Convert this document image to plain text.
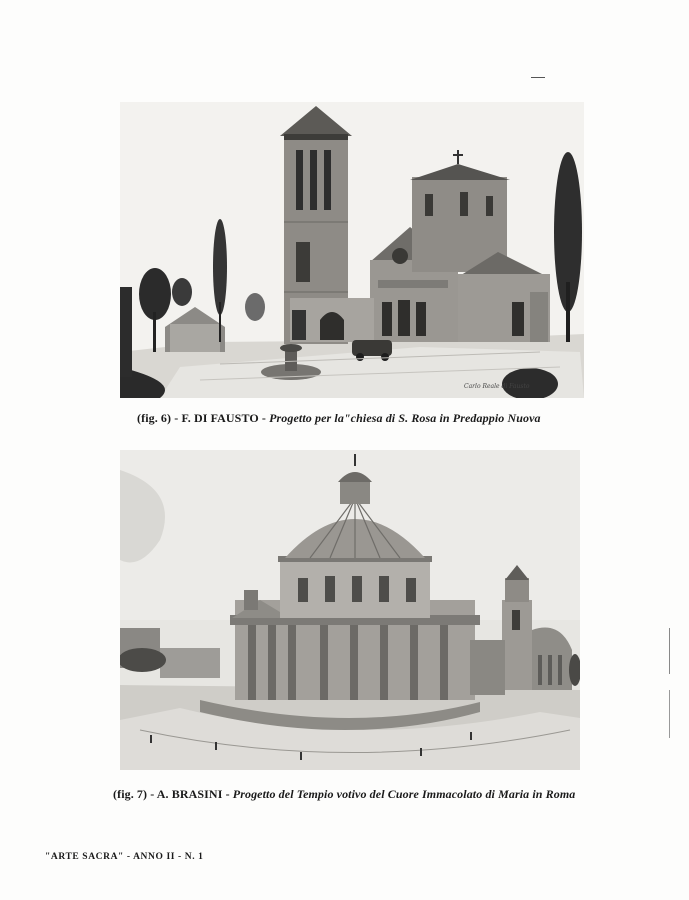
Carlo Reale di Fausto
(fig. 6) - F. DI FAUSTO - Progetto per la"chiesa di S. Rosa in Predappio Nuova
(fig. 7) - A. BRASINI - Progetto del Tempio votivo del Cuore Immacolato di Maria in Roma
"ARTE SACRA" - ANNO II - N. 1
